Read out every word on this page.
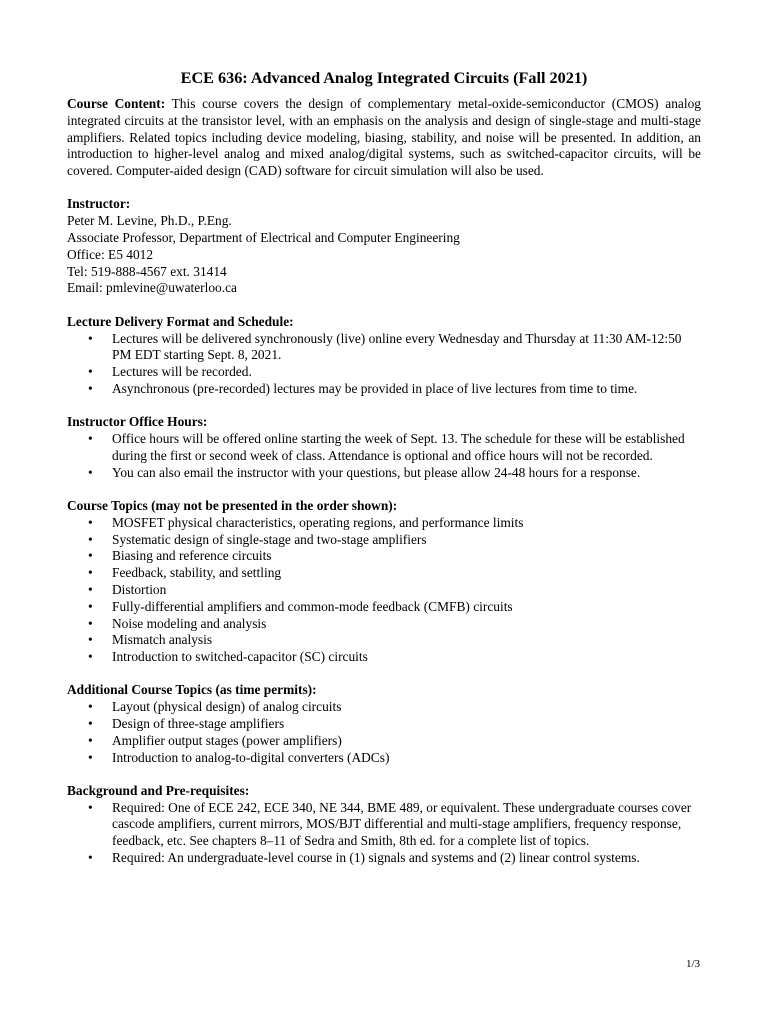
ECE 636: Advanced Analog Integrated Circuits (Fall 2021)

Course Content: This course covers the design of complementary metal-oxide-semiconductor (CMOS) analog integrated circuits at the transistor level, with an emphasis on the analysis and design of single-stage and multi-stage amplifiers. Related topics including device modeling, biasing, stability, and noise will be presented. In addition, an introduction to higher-level analog and mixed analog/digital systems, such as switched-capacitor circuits, will be covered. Computer-aided design (CAD) software for circuit simulation will also be used.

Instructor:

Peter M. Levine, Ph.D., P.Eng.

Associate Professor, Department of Electrical and Computer Engineering

Office: E5 4012

Tel: 519-888-4567 ext. 31414

Email: pmlevine@uwaterloo.ca

Lecture Delivery Format and Schedule:

• Lectures will be delivered synchronously (live) online every Wednesday and Thursday at 11:30 AM-12:50 PM EDT starting Sept. 8, 2021.
• Lectures will be recorded.
• Asynchronous (pre-recorded) lectures may be provided in place of live lectures from time to time.

Instructor Office Hours:

• Office hours will be offered online starting the week of Sept. 13. The schedule for these will be established during the first or second week of class. Attendance is optional and office hours will not be recorded.
• You can also email the instructor with your questions, but please allow 24-48 hours for a response.

Course Topics (may not be presented in the order shown):

• MOSFET physical characteristics, operating regions, and performance limits
• Systematic design of single-stage and two-stage amplifiers
• Biasing and reference circuits
• Feedback, stability, and settling
• Distortion
• Fully-differential amplifiers and common-mode feedback (CMFB) circuits
• Noise modeling and analysis
• Mismatch analysis
• Introduction to switched-capacitor (SC) circuits

Additional Course Topics (as time permits):

• Layout (physical design) of analog circuits
• Design of three-stage amplifiers
• Amplifier output stages (power amplifiers)
• Introduction to analog-to-digital converters (ADCs)

Background and Pre-requisites:

• Required: One of ECE 242, ECE 340, NE 344, BME 489, or equivalent. These undergraduate courses cover cascode amplifiers, current mirrors, MOS/BJT differential and multi-stage amplifiers, frequency response, feedback, etc. See chapters 8–11 of Sedra and Smith, 8th ed. for a complete list of topics.
• Required: An undergraduate-level course in (1) signals and systems and (2) linear control systems.
1/3
